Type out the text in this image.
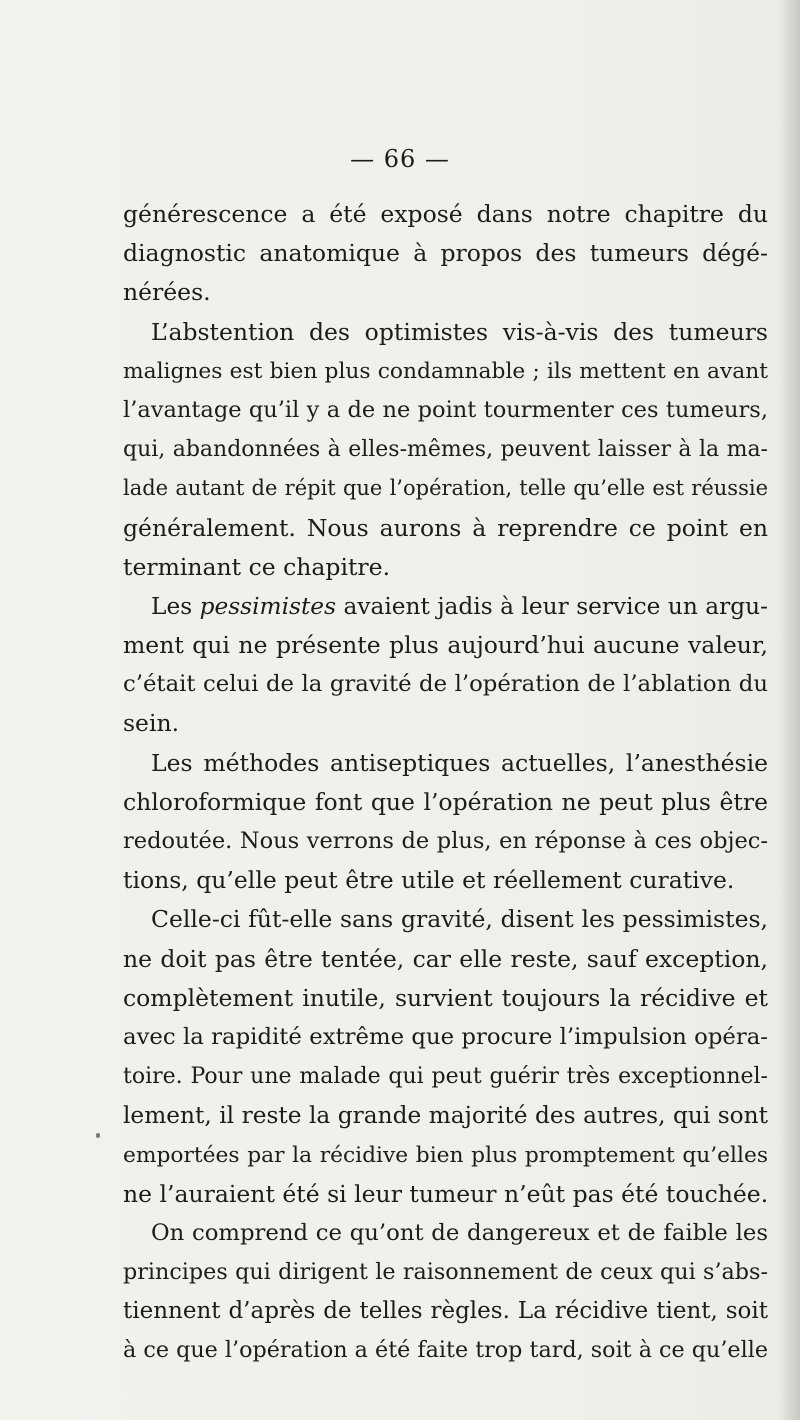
— 66 —
générescence a été exposé dans notre chapitre du
diagnostic anatomique à propos des tumeurs dégé-
nérées.
L’abstention des optimistes vis-à-vis des tumeurs
malignes est bien plus condamnable ; ils mettent en avant
l’avantage qu’il y a de ne point tourmenter ces tumeurs,
qui, abandonnées à elles-mêmes, peuvent laisser à la ma-
lade autant de répit que l’opération, telle qu’elle est réussie
généralement. Nous aurons à reprendre ce point en
terminant ce chapitre.
Les pessimistes avaient jadis à leur service un argu-
ment qui ne présente plus aujourd’hui aucune valeur,
c’était celui de la gravité de l’opération de l’ablation du
sein.
Les méthodes antiseptiques actuelles, l’anesthésie
chloroformique font que l’opération ne peut plus être
redoutée. Nous verrons de plus, en réponse à ces objec-
tions, qu’elle peut être utile et réellement curative.
Celle-ci fût-elle sans gravité, disent les pessimistes,
ne doit pas être tentée, car elle reste, sauf exception,
complètement inutile, survient toujours la récidive et
avec la rapidité extrême que procure l’impulsion opéra-
toire. Pour une malade qui peut guérir très exceptionnel-
lement, il reste la grande majorité des autres, qui sont
emportées par la récidive bien plus promptement qu’elles
ne l’auraient été si leur tumeur n’eût pas été touchée.
On comprend ce qu’ont de dangereux et de faible les
principes qui dirigent le raisonnement de ceux qui s’abs-
tiennent d’après de telles règles. La récidive tient, soit
à ce que l’opération a été faite trop tard, soit à ce qu’elle
